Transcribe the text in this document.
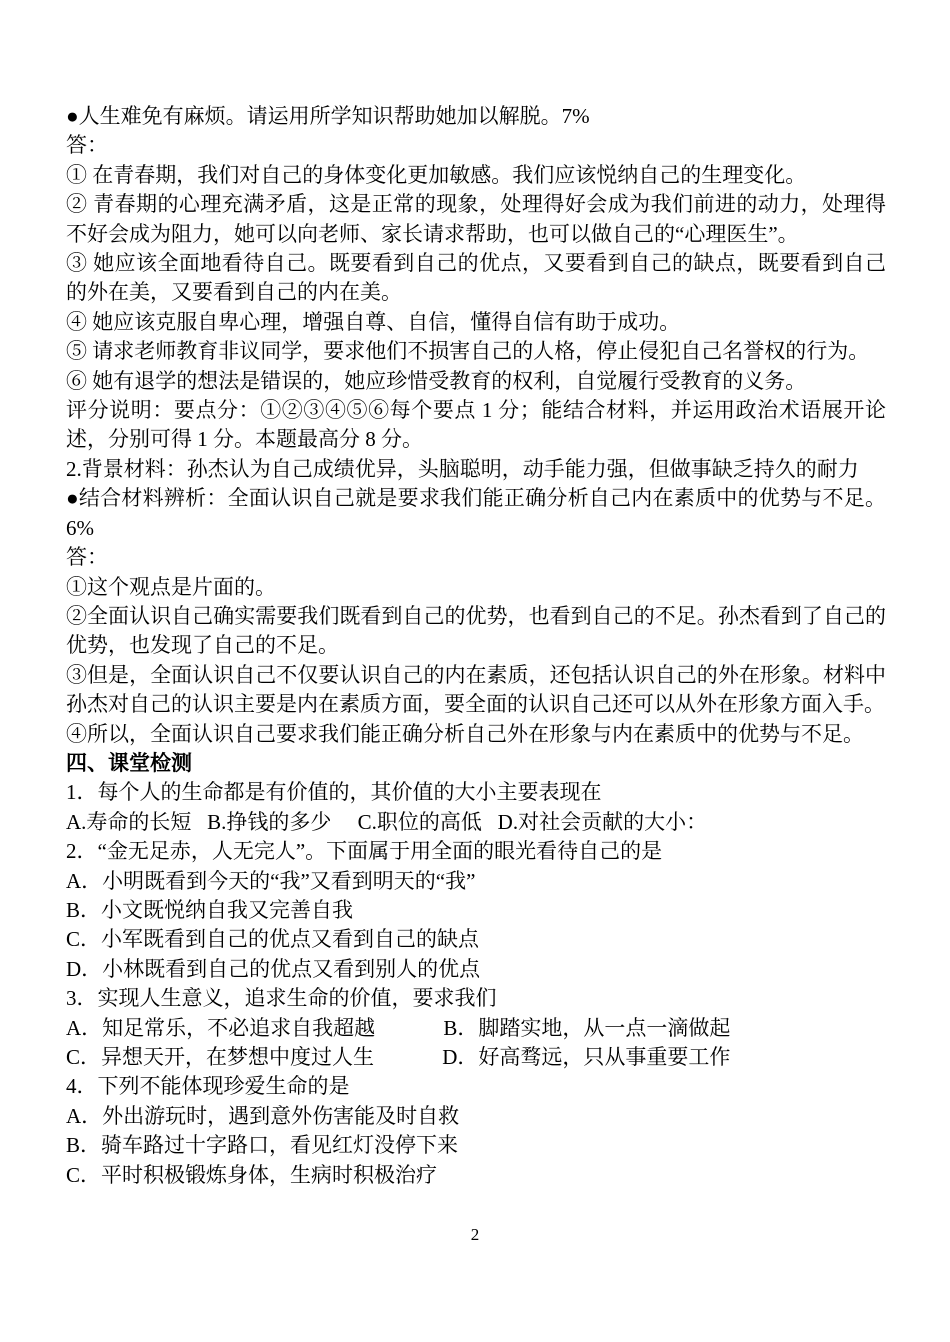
●人生难免有麻烦。请运用所学知识帮助她加以解脱。7%
答：
① 在青春期，我们对自己的身体变化更加敏感。我们应该悦纳自己的生理变化。
② 青春期的心理充满矛盾，这是正常的现象，处理得好会成为我们前进的动力，处理得不好会成为阻力，她可以向老师、家长请求帮助，也可以做自己的“心理医生”。
③ 她应该全面地看待自己。既要看到自己的优点，又要看到自己的缺点，既要看到自己的外在美，又要看到自己的内在美。
④ 她应该克服自卑心理，增强自尊、自信，懂得自信有助于成功。
⑤ 请求老师教育非议同学，要求他们不损害自己的人格，停止侵犯自己名誉权的行为。
⑥ 她有退学的想法是错误的，她应珍惜受教育的权利，自觉履行受教育的义务。
评分说明：要点分：①②③④⑤⑥每个要点 1 分；能结合材料，并运用政治术语展开论述，分别可得 1 分。本题最高分 8 分。
2.背景材料：孙杰认为自己成绩优异，头脑聪明，动手能力强，但做事缺乏持久的耐力
●结合材料辨析：全面认识自己就是要求我们能正确分析自己内在素质中的优势与不足。6%
答：
①这个观点是片面的。
②全面认识自己确实需要我们既看到自己的优势，也看到自己的不足。孙杰看到了自己的优势，也发现了自己的不足。
③但是，全面认识自己不仅要认识自己的内在素质，还包括认识自己的外在形象。材料中孙杰对自己的认识主要是内在素质方面，要全面的认识自己还可以从外在形象方面入手。
④所以，全面认识自己要求我们能正确分析自己外在形象与内在素质中的优势与不足。
四、课堂检测
1．每个人的生命都是有价值的，其价值的大小主要表现在
A.寿命的长短   B.挣钱的多少     C.职位的高低   D.对社会贡献的大小：
2．“金无足赤，人无完人”。下面属于用全面的眼光看待自己的是
A．小明既看到今天的“我”又看到明天的“我”
B．小文既悦纳自我又完善自我
C．小军既看到自己的优点又看到自己的缺点
D．小林既看到自己的优点又看到别人的优点
3．实现人生意义，追求生命的价值，要求我们
A．知足常乐，不必追求自我超越             B．脚踏实地，从一点一滴做起
C．异想天开，在梦想中度过人生             D．好高骛远，只从事重要工作
4．下列不能体现珍爱生命的是
A．外出游玩时，遇到意外伤害能及时自救
B．骑车路过十字路口，看见红灯没停下来
C．平时积极锻炼身体，生病时积极治疗
2
